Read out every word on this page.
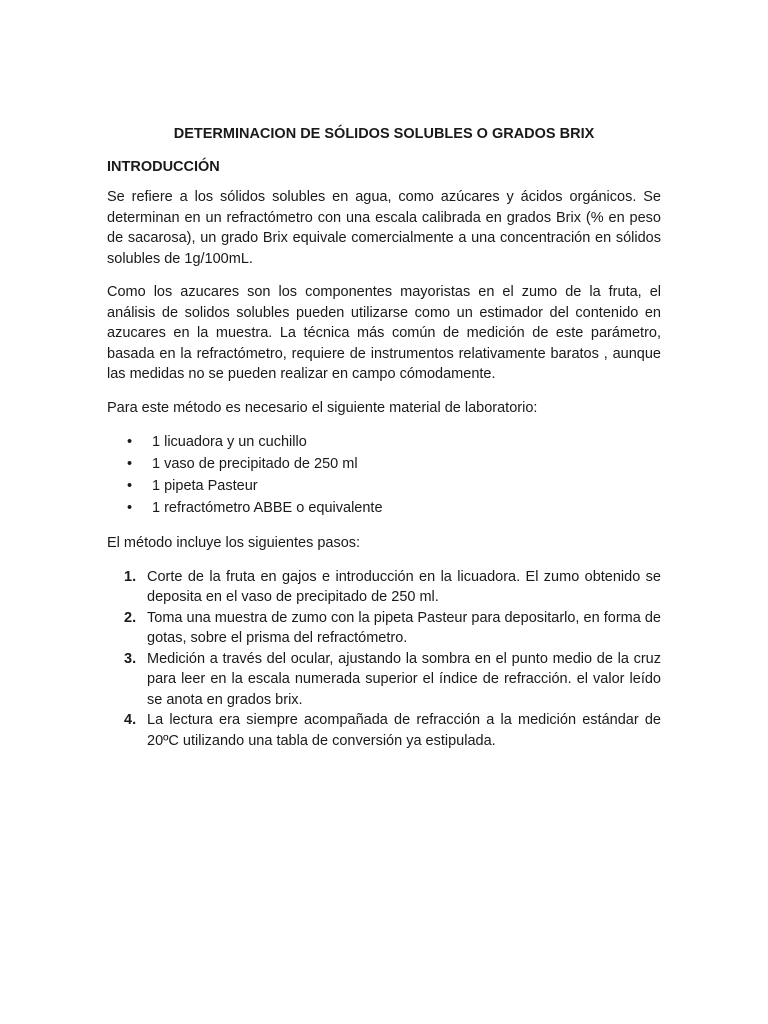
DETERMINACION DE SÓLIDOS SOLUBLES O GRADOS BRIX
INTRODUCCIÓN

Se refiere a los sólidos solubles en agua, como azúcares y ácidos orgánicos. Se determinan en un refractómetro con una escala calibrada en grados Brix (% en peso de sacarosa), un grado Brix equivale comercialmente a una concentración en sólidos solubles de 1g/100mL.

Como los azucares son los componentes mayoristas en el zumo de la fruta, el análisis de solidos solubles pueden utilizarse como un estimador del contenido en azucares en la muestra. La técnica más común de medición de este parámetro, basada en la refractómetro, requiere de instrumentos relativamente baratos , aunque las medidas no se pueden realizar en campo cómodamente.

Para este método es necesario el siguiente material de laboratorio:

• 1 licuadora y un cuchillo
• 1 vaso de precipitado de 250 ml
• 1 pipeta Pasteur
• 1 refractómetro ABBE o equivalente

El método incluye los siguientes pasos:

1. Corte de la fruta en gajos e introducción en la licuadora. El zumo obtenido se deposita en el vaso de precipitado de 250 ml.
2. Toma una muestra de zumo con la pipeta Pasteur para depositarlo, en forma de gotas, sobre el prisma del refractómetro.
3. Medición a través del ocular, ajustando la sombra en el punto medio de la cruz para leer en la escala numerada superior el índice de refracción. el valor leído se anota en grados brix.
4. La lectura era siempre acompañada de refracción a la medición estándar de 20ºC utilizando una tabla de conversión ya estipulada.
